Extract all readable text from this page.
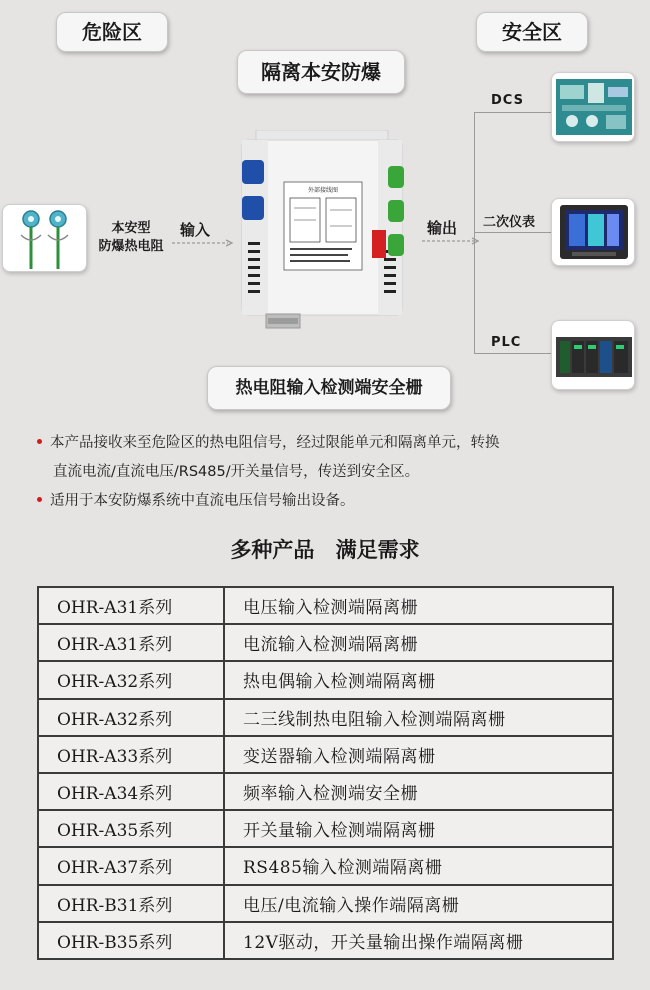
危险区	安全区
隔离本安防爆
本安型
防爆热电阻
输入
外部接线图
热电阻输入检测端安全栅
输出
DCS
二次仪表
PLC
本产品接收来至危险区的热电阻信号，经过限能单元和隔离单元，转换
直流电流/直流电压/RS485/开关量信号，传送到安全区。
适用于本安防爆系统中直流电压信号输出设备。
多种产品 满足需求
OHR-A31系列	电压输入检测端隔离栅
OHR-A31系列	电流输入检测端隔离栅
OHR-A32系列	热电偶输入检测端隔离栅
OHR-A32系列	二三线制热电阻输入检测端隔离栅
OHR-A33系列	变送器输入检测端隔离栅
OHR-A34系列	频率输入检测端安全栅
OHR-A35系列	开关量输入检测端隔离栅
OHR-A37系列	RS485输入检测端隔离栅
OHR-B31系列	电压/电流输入操作端隔离栅
OHR-B35系列	12V驱动，开关量输出操作端隔离栅
